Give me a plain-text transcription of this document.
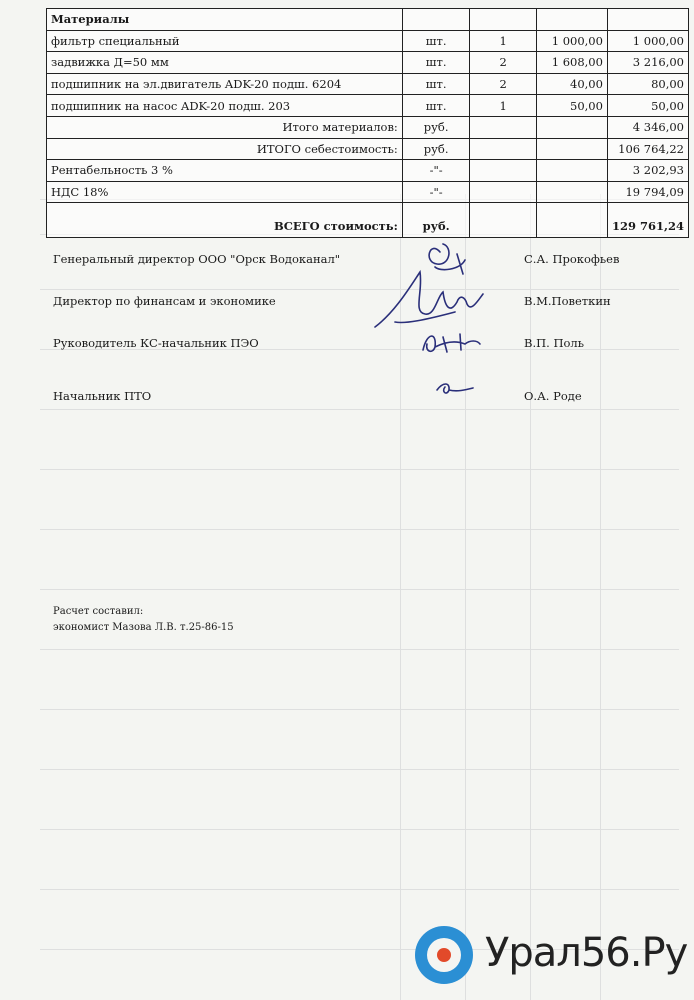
Материалы				
фильтр специальный	шт.	1	1 000,00	1 000,00
задвижка Д=50 мм	шт.	2	1 608,00	3 216,00
подшипник на эл.двигатель ADK-20 подш. 6204	шт.	2	40,00	80,00
подшипник на насос ADK-20 подш. 203	шт.	1	50,00	50,00
Итого материалов:	руб.			4 346,00
ИТОГО себестоимость:	руб.			106 764,22
Рентабельность 3 %	-"-			3 202,93
НДС 18%	-"-			19 794,09
ВСЕГО стоимость:	руб.			129 761,24
Генеральный директор ООО "Орск Водоканал"	С.А. Прокофьев
Директор по финансам и экономике	В.М.Поветкин
Руководитель КС-начальник ПЭО	В.П. Поль
Начальник ПТО	О.А. Роде
Расчет составил:
экономист Мазова Л.В. т.25-86-15
Урал56.Ру
